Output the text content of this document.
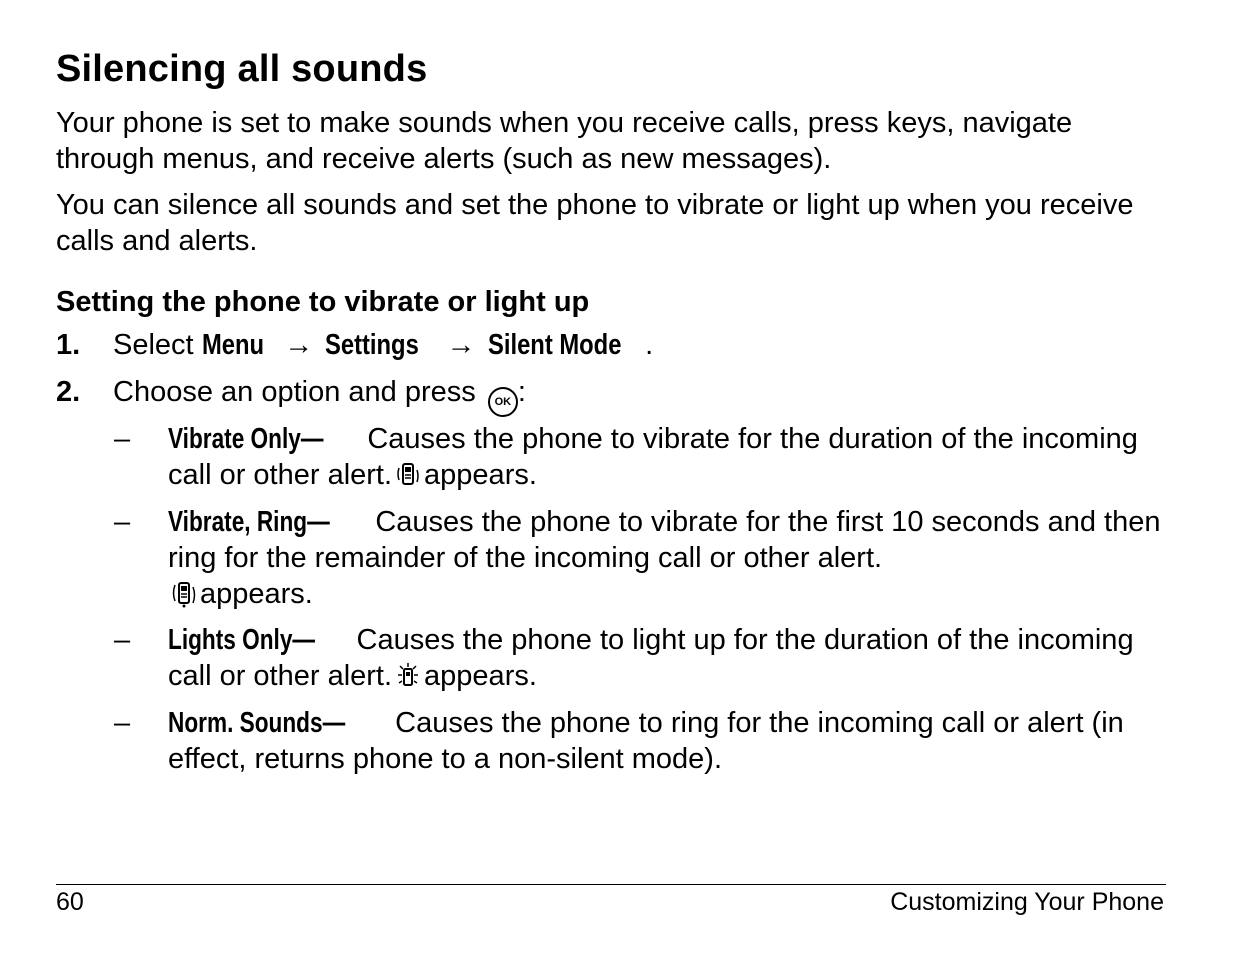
Silencing all sounds

Your phone is set to make sounds when you receive calls, press keys, navigate through menus, and receive alerts (such as new messages).

You can silence all sounds and set the phone to vibrate or light up when you receive calls and alerts.

Setting the phone to vibrate or light up
1. Select Menu → Settings → Silent Mode .
2. Choose an option and press OK :
– Vibrate Only— Causes the phone to vibrate for the duration of the incoming call or other alert. appears.
– Vibrate, Ring— Causes the phone to vibrate for the first 10 seconds and then ring for the remainder of the incoming call or other alert.
appears.
– Lights Only— Causes the phone to light up for the duration of the incoming call or other alert. appears.
– Norm. Sounds— Causes the phone to ring for the incoming call or alert (in effect, returns phone to a non-silent mode).
60	Customizing Your Phone
